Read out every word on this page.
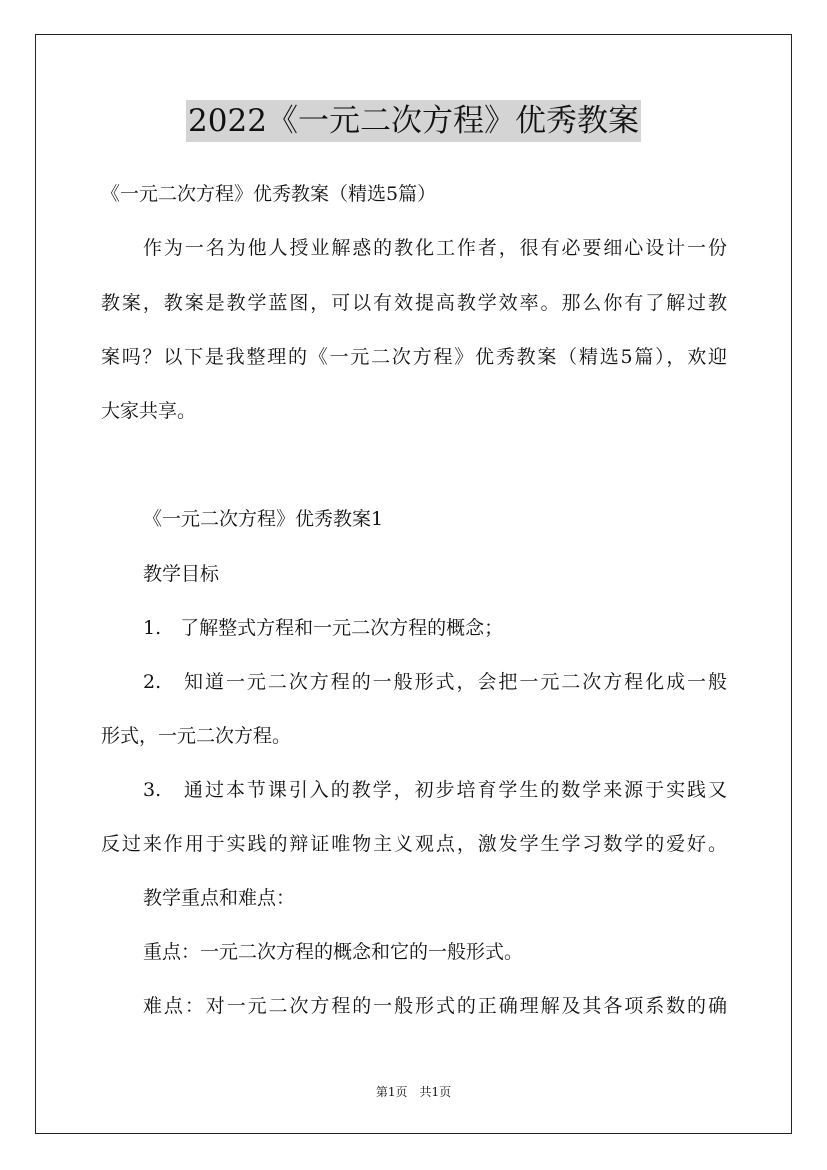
2022《一元二次方程》优秀教案
《一元二次方程》优秀教案（精选5篇）
作为一名为他人授业解惑的教化工作者，很有必要细心设计一份
教案，教案是教学蓝图，可以有效提高教学效率。那么你有了解过教
案吗？以下是我整理的《一元二次方程》优秀教案（精选5篇），欢迎
大家共享。
《一元二次方程》优秀教案1
教学目标
1.　了解整式方程和一元二次方程的概念；
2.　知道一元二次方程的一般形式，会把一元二次方程化成一般
形式，一元二次方程。
3.　通过本节课引入的教学，初步培育学生的数学来源于实践又
反过来作用于实践的辩证唯物主义观点，激发学生学习数学的爱好。
教学重点和难点：
重点：一元二次方程的概念和它的一般形式。
难点：对一元二次方程的一般形式的正确理解及其各项系数的确
第1页　共1页
